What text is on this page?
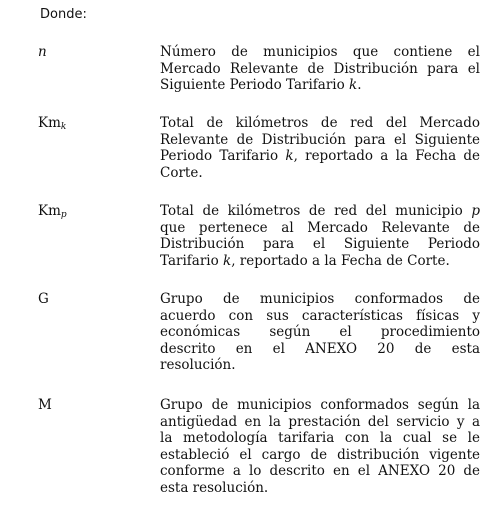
Donde:
n	Número de municipios que contiene el
Mercado Relevante de Distribución para el
Siguiente Periodo Tarifario k.
$Km_k$	Total de kilómetros de red del Mercado
Relevante de Distribución para el Siguiente
Periodo Tarifario k, reportado a la Fecha de
Corte.
$Km_p$	Total de kilómetros de red del municipio p
que pertenece al Mercado Relevante de
Distribución para el Siguiente Periodo
Tarifario k, reportado a la Fecha de Corte.
G	Grupo de municipios conformados de
acuerdo con sus características físicas y
económicas según el procedimiento
descrito en el ANEXO 20 de esta
resolución.
M	Grupo de municipios conformados según la
antigüedad en la prestación del servicio y a
la metodología tarifaria con la cual se le
estableció el cargo de distribución vigente
conforme a lo descrito en el ANEXO 20 de
esta resolución.
